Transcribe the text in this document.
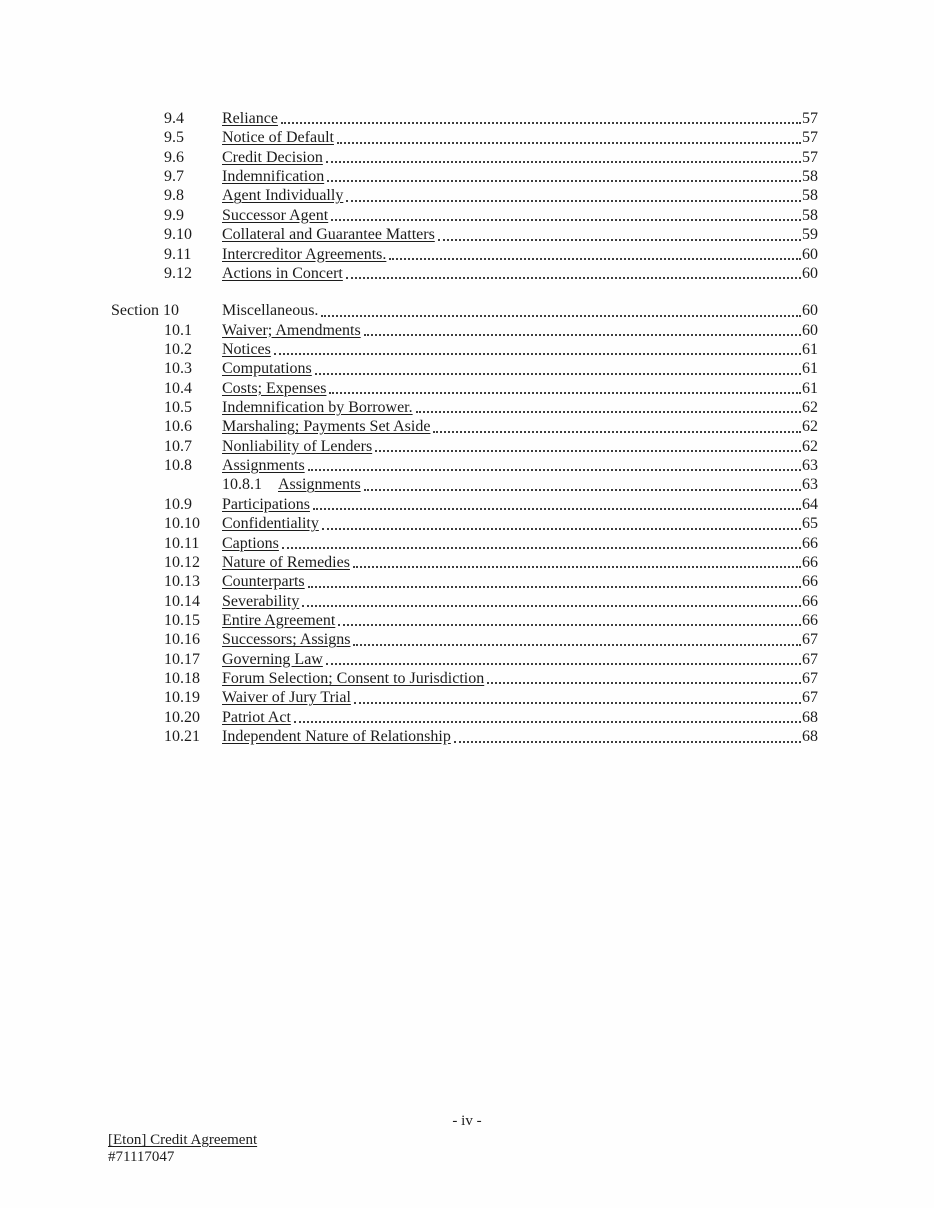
9.4	Reliance	57
9.5	Notice of Default	57
9.6	Credit Decision	57
9.7	Indemnification	58
9.8	Agent Individually	58
9.9	Successor Agent	58
9.10	Collateral and Guarantee Matters	59
9.11	Intercreditor Agreements.	60
9.12	Actions in Concert	60
Section 10	Miscellaneous.	60
10.1	Waiver; Amendments	60
10.2	Notices	61
10.3	Computations	61
10.4	Costs; Expenses	61
10.5	Indemnification by Borrower.	62
10.6	Marshaling; Payments Set Aside	62
10.7	Nonliability of Lenders	62
10.8	Assignments	63
10.8.1	Assignments	63
10.9	Participations	64
10.10	Confidentiality	65
10.11	Captions	66
10.12	Nature of Remedies	66
10.13	Counterparts	66
10.14	Severability	66
10.15	Entire Agreement	66
10.16	Successors; Assigns	67
10.17	Governing Law	67
10.18	Forum Selection; Consent to Jurisdiction	67
10.19	Waiver of Jury Trial	67
10.20	Patriot Act	68
10.21	Independent Nature of Relationship	68
- iv -
[Eton] Credit Agreement
#71117047
